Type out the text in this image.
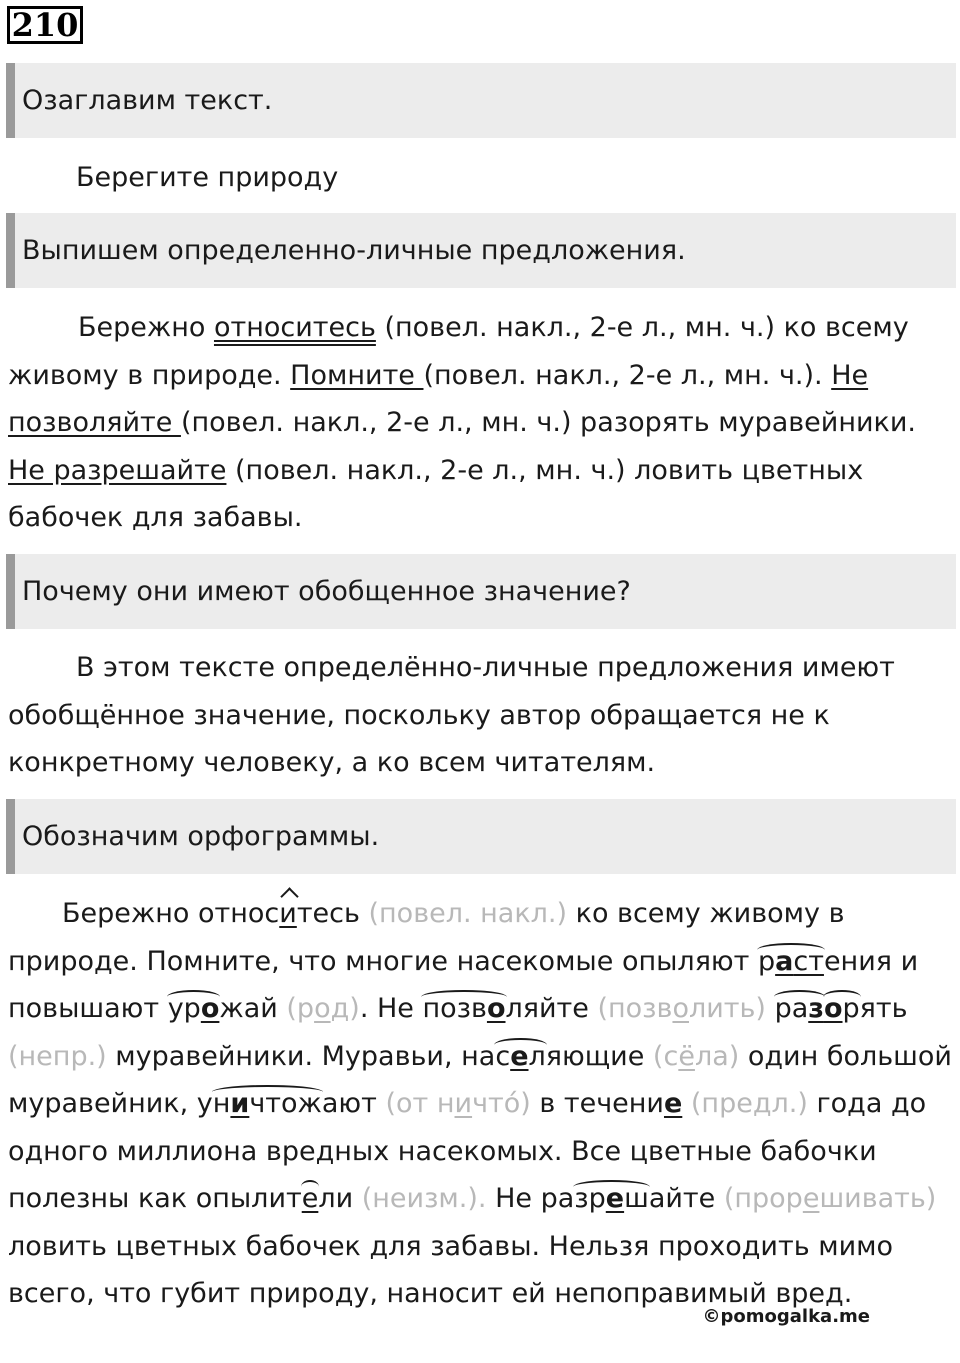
210
Озаглавим текст.

Берегите природу

Выпишем определенно-личные предложения.

Бережно относитесь (повел. накл., 2-е л., мн. ч.) ко всему живому в природе. Помните (повел. накл., 2-е л., мн. ч.). Не позволяйте (повел. накл., 2-е л., мн. ч.) разорять муравейники. Не разрешайте (повел. накл., 2-е л., мн. ч.) ловить цветных бабочек для забавы.

Почему они имеют обобщенное значение?

В этом тексте определённо-личные предложения имеют обобщённое значение, поскольку автор обращается не к конкретному человеку, а ко всем читателям.

Обозначим орфограммы.

Бережно относитесь (повел. накл.) ко всему живому в природе. Помните, что многие насекомые опыляют растения и повышают урожай (род). Не позволяйте (позволить) разорять (непр.) муравейники. Муравьи, населяющие (сёла) один большой муравейник, уничтожают (от ничтó) в течение (предл.) года до одного миллиона вредных насекомых. Все цветные бабочки полезны как опылители (неизм.). Не разрешайте (прорешивать) ловить цветных бабочек для забавы. Нельзя проходить мимо всего, что губит природу, наносит ей непоправимый вред.

©pomogalka.me
